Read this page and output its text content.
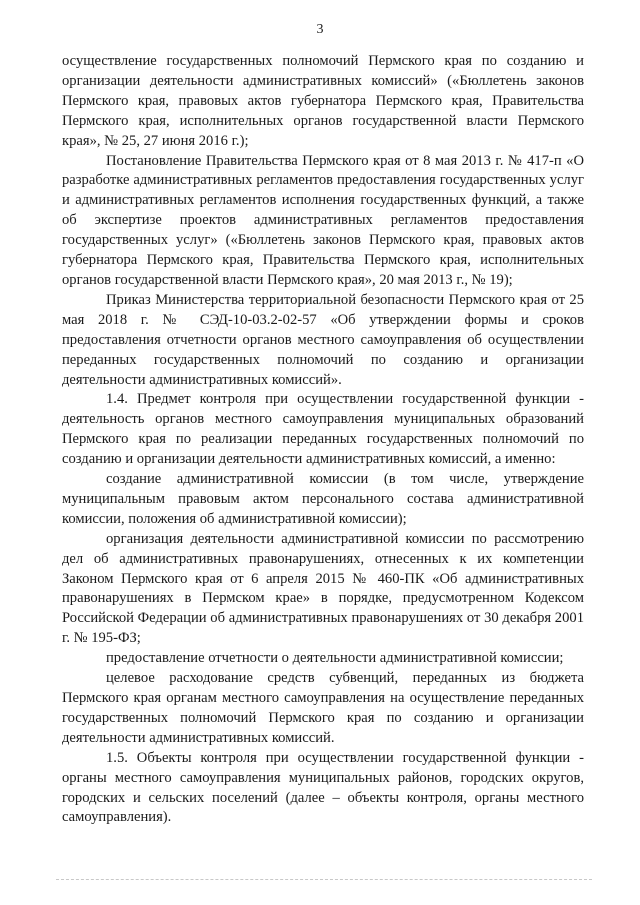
3

осуществление государственных полномочий Пермского края по созданию и организации деятельности административных комиссий» («Бюллетень законов Пермского края, правовых актов губернатора Пермского края, Правительства Пермского края, исполнительных органов государственной власти Пермского края», № 25, 27 июня 2016 г.);

Постановление Правительства Пермского края от 8 мая 2013 г. № 417-п «О разработке административных регламентов предоставления государственных услуг и административных регламентов исполнения государственных функций, а также об экспертизе проектов административных регламентов предоставления государственных услуг» («Бюллетень законов Пермского края, правовых актов губернатора Пермского края, Правительства Пермского края, исполнительных органов государственной власти Пермского края», 20 мая 2013 г., № 19);

Приказ Министерства территориальной безопасности Пермского края от 25 мая 2018 г. № СЭД-10-03.2-02-57 «Об утверждении формы и сроков предоставления отчетности органов местного самоуправления об осуществлении переданных государственных полномочий по созданию и организации деятельности административных комиссий».

1.4. Предмет контроля при осуществлении государственной функции - деятельность органов местного самоуправления муниципальных образований Пермского края по реализации переданных государственных полномочий по созданию и организации деятельности административных комиссий, а именно:

создание административной комиссии (в том числе, утверждение муниципальным правовым актом персонального состава административной комиссии, положения об административной комиссии);

организация деятельности административной комиссии по рассмотрению дел об административных правонарушениях, отнесенных к их компетенции Законом Пермского края от 6 апреля 2015 № 460-ПК «Об административных правонарушениях в Пермском крае» в порядке, предусмотренном Кодексом Российской Федерации об административных правонарушениях от 30 декабря 2001 г. № 195-ФЗ;

предоставление отчетности о деятельности административной комиссии;

целевое расходование средств субвенций, переданных из бюджета Пермского края органам местного самоуправления на осуществление переданных государственных полномочий Пермского края по созданию и организации деятельности административных комиссий.

1.5. Объекты контроля при осуществлении государственной функции - органы местного самоуправления муниципальных районов, городских округов, городских и сельских поселений (далее – объекты контроля, органы местного самоуправления).
